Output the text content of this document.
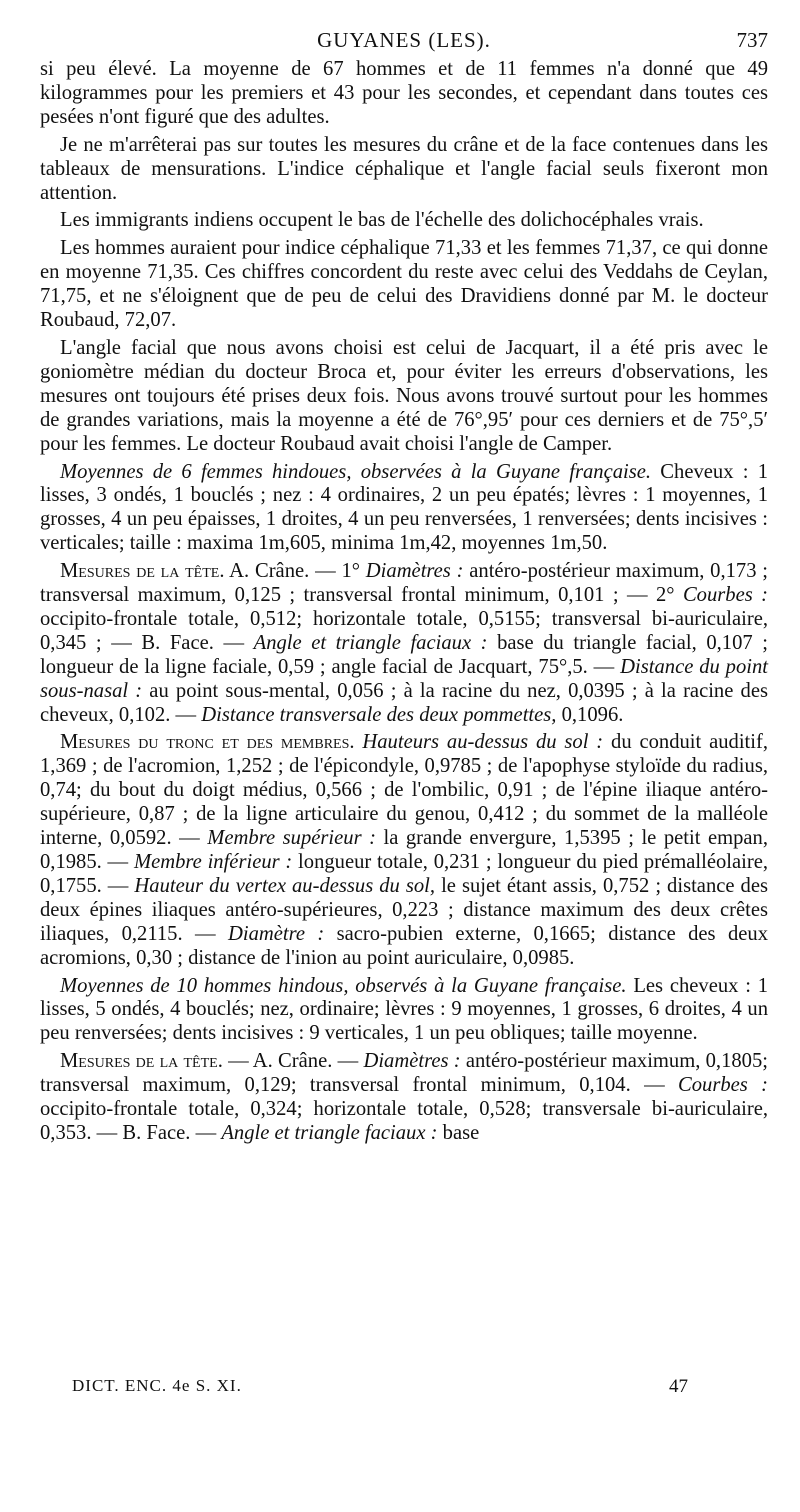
GUYANES (LES).	737

si peu élevé. La moyenne de 67 hommes et de 11 femmes n'a donné que 49 kilogrammes pour les premiers et 43 pour les secondes, et cependant dans toutes ces pesées n'ont figuré que des adultes.

Je ne m'arrêterai pas sur toutes les mesures du crâne et de la face contenues dans les tableaux de mensurations. L'indice céphalique et l'angle facial seuls fixeront mon attention.

Les immigrants indiens occupent le bas de l'échelle des dolichocéphales vrais.

Les hommes auraient pour indice céphalique 71,33 et les femmes 71,37, ce qui donne en moyenne 71,35. Ces chiffres concordent du reste avec celui des Veddahs de Ceylan, 71,75, et ne s'éloignent que de peu de celui des Dravidiens donné par M. le docteur Roubaud, 72,07.

L'angle facial que nous avons choisi est celui de Jacquart, il a été pris avec le goniomètre médian du docteur Broca et, pour éviter les erreurs d'observations, les mesures ont toujours été prises deux fois. Nous avons trouvé surtout pour les hommes de grandes variations, mais la moyenne a été de 76°,95′ pour ces derniers et de 75°,5′ pour les femmes. Le docteur Roubaud avait choisi l'angle de Camper.

Moyennes de 6 femmes hindoues, observées à la Guyane française. Cheveux : 1 lisses, 3 ondés, 1 bouclés ; nez : 4 ordinaires, 2 un peu épatés; lèvres : 1 moyennes, 1 grosses, 4 un peu épaisses, 1 droites, 4 un peu renversées, 1 renversées; dents incisives : verticales; taille : maxima 1m,605, minima 1m,42, moyennes 1m,50.

Mesures de la tête. A. Crâne. — 1° Diamètres : antéro-postérieur maximum, 0,173 ; transversal maximum, 0,125 ; transversal frontal minimum, 0,101 ; — 2° Courbes : occipito-frontale totale, 0,512; horizontale totale, 0,5155; transversal bi-auriculaire, 0,345 ; — B. Face. — Angle et triangle faciaux : base du triangle facial, 0,107 ; longueur de la ligne faciale, 0,59 ; angle facial de Jacquart, 75°,5. — Distance du point sous-nasal : au point sous-mental, 0,056 ; à la racine du nez, 0,0395 ; à la racine des cheveux, 0,102. — Distance transversale des deux pommettes, 0,1096.

Mesures du tronc et des membres. Hauteurs au-dessus du sol : du conduit auditif, 1,369 ; de l'acromion, 1,252 ; de l'épicondyle, 0,9785 ; de l'apophyse styloïde du radius, 0,74; du bout du doigt médius, 0,566 ; de l'ombilic, 0,91 ; de l'épine iliaque antéro-supérieure, 0,87 ; de la ligne articulaire du genou, 0,412 ; du sommet de la malléole interne, 0,0592. — Membre supérieur : la grande envergure, 1,5395 ; le petit empan, 0,1985. — Membre inférieur : longueur totale, 0,231 ; longueur du pied prémalléolaire, 0,1755. — Hauteur du vertex au-dessus du sol, le sujet étant assis, 0,752 ; distance des deux épines iliaques antéro-supérieures, 0,223 ; distance maximum des deux crêtes iliaques, 0,2115. — Diamètre : sacro-pubien externe, 0,1665; distance des deux acromions, 0,30 ; distance de l'inion au point auriculaire, 0,0985.

Moyennes de 10 hommes hindous, observés à la Guyane française. Les cheveux : 1 lisses, 5 ondés, 4 bouclés; nez, ordinaire; lèvres : 9 moyennes, 1 grosses, 6 droites, 4 un peu renversées; dents incisives : 9 verticales, 1 un peu obliques; taille moyenne.

Mesures de la tête. — A. Crâne. — Diamètres : antéro-postérieur maximum, 0,1805; transversal maximum, 0,129; transversal frontal minimum, 0,104. — Courbes : occipito-frontale totale, 0,324; horizontale totale, 0,528; transversale bi-auriculaire, 0,353. — B. Face. — Angle et triangle faciaux : base

DICT. ENC. 4e S. XI.	47
